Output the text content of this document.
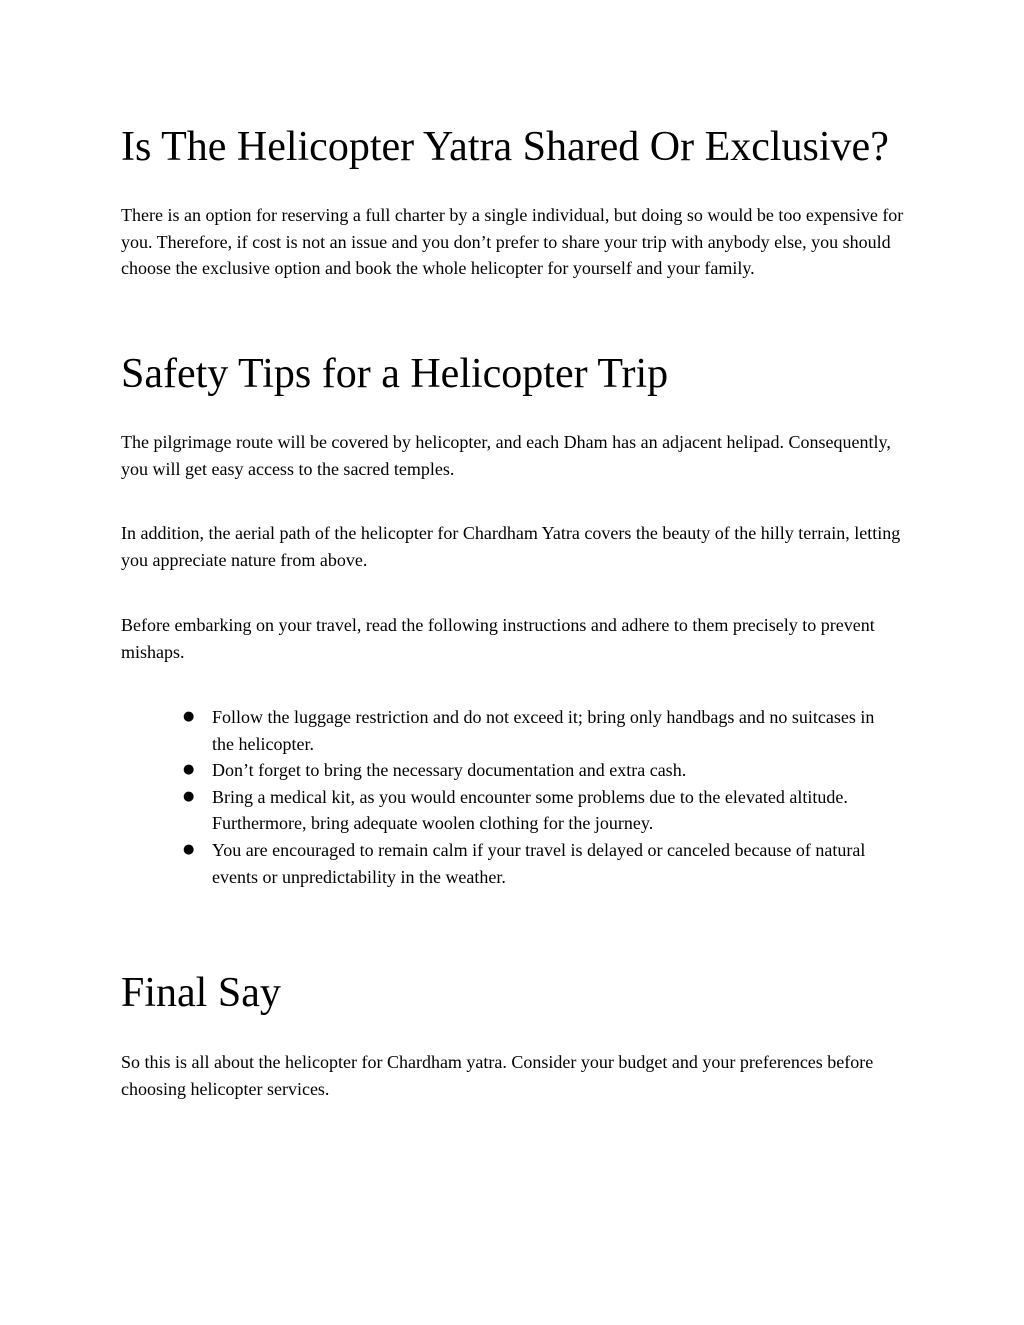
Is The Helicopter Yatra Shared Or Exclusive?

There is an option for reserving a full charter by a single individual, but doing so would be too expensive for you. Therefore, if cost is not an issue and you don’t prefer to share your trip with anybody else, you should choose the exclusive option and book the whole helicopter for yourself and your family.

Safety Tips for a Helicopter Trip

The pilgrimage route will be covered by helicopter, and each Dham has an adjacent helipad. Consequently, you will get easy access to the sacred temples.

In addition, the aerial path of the helicopter for Chardham Yatra covers the beauty of the hilly terrain, letting you appreciate nature from above.

Before embarking on your travel, read the following instructions and adhere to them precisely to prevent mishaps.

● Follow the luggage restriction and do not exceed it; bring only handbags and no suitcases in the helicopter.
● Don’t forget to bring the necessary documentation and extra cash.
● Bring a medical kit, as you would encounter some problems due to the elevated altitude. Furthermore, bring adequate woolen clothing for the journey.
● You are encouraged to remain calm if your travel is delayed or canceled because of natural events or unpredictability in the weather.
Final Say

So this is all about the helicopter for Chardham yatra. Consider your budget and your preferences before choosing helicopter services.
